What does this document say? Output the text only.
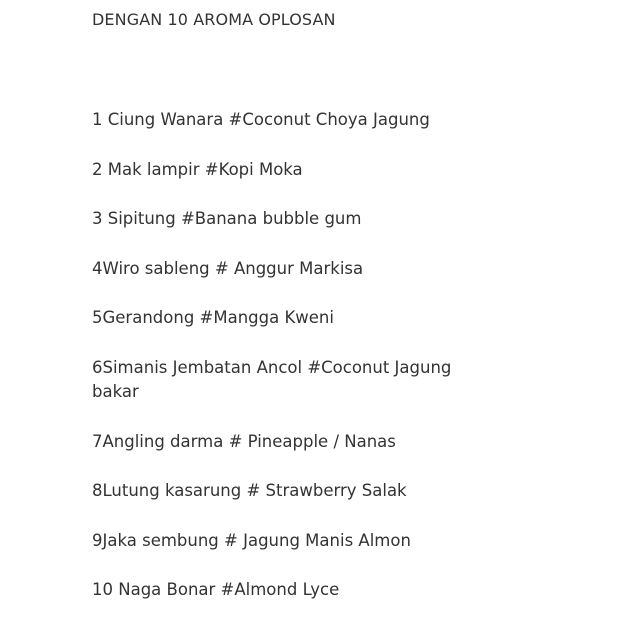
DENGAN 10 AROMA OPLOSAN
1 Ciung Wanara #Coconut Choya Jagung
2 Mak lampir #Kopi Moka
3 Sipitung #Banana bubble gum
4Wiro sableng # Anggur Markisa
5Gerandong #Mangga Kweni
6Simanis Jembatan Ancol #Coconut Jagung bakar
7Angling darma # Pineapple / Nanas
8Lutung kasarung # Strawberry Salak
9Jaka sembung # Jagung Manis Almon
10 Naga Bonar #Almond Lyce
